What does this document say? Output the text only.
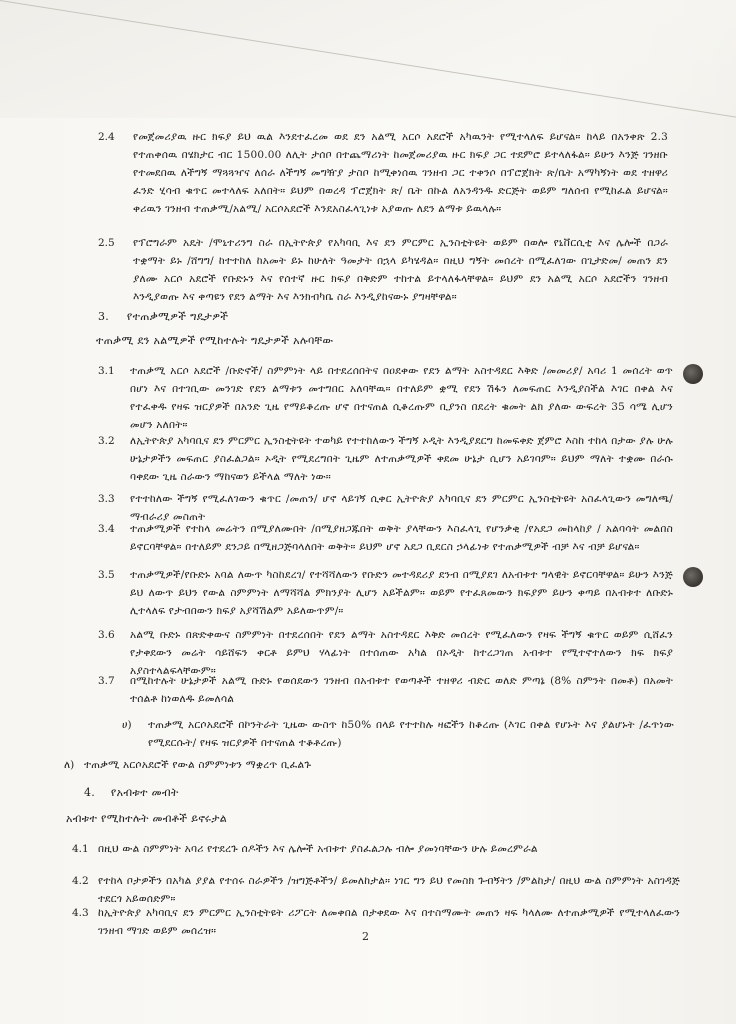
2.4 የመጀመሪያዉ ዙር ክፍያ ይህ ዉል እንደተፈረመ ወደ ደን አልሚ አርሶ አደሮች አካዉንት የሚተላለፍ ይሆናል። ከላይ በአንቀጽ 2.3 የተጠቀሰዉ በሄክታር ብር 1500.00 ለሊት ታሰቦ በተጨማሪነት ከመጀመሪያዉ ዙር ክፍያ ጋር ተደምሮ ይተላለፋል። ይሁን እንጅ ገንዘቡ የተመደበዉ ለችግኝ ማጓጓዣና ለሰራ ለችግኝ መግዥያ ታስቦ ከሚቀነሰዉ ገንዘብ ጋር ተቀንሶ በፕሮጀክት ጽ/ቤት አማካኝነት ወደ ተዘዋሪ ፈንድ ሂሳብ ቁጥር መተላለፍ አለበት። ይህም በወረዳ ፕሮጀክት ጽ/ ቤት በኩል ለአንዳንዱ ድርጅት ወይም ግለሰብ የሚከፈል ይሆናል። ቀሪዉን ገንዘብ ተጠቃሚ/አልሚ/ አርሶአደሮች እንደአስፈላጊነቱ አያወጡ ለደን ልማቱ ይዉላሉ።
2.5 የፕሮግራም አዴት /ሞኒተሪንግ ስራ በኢትዮጵያ የአካባቢ እና ደን ምርምር ኢንስቲትዩት ወይም በወሎ የኒቨርሲቲ እና ሌሎች በጋራ ተቋማት ይኑ /ሸግግ/ ከተተከለ ከአመት ይኑ ከሁለት ዓመታት በኋላ ይካሄዳል። በዚህ ግኝት መሰረት በሚፈለገው በጊታድመ/ መጠን ደን ያለሙ አርሶ አደሮች የቡድኑን እና የሰተኛ ዙር ክፍያ በቅድም ተከተል ይተላለፋላቸዋል። ይህም ደን አልሚ አርሶ አደሮችን ገንዘብ እንዲያወጡ እና ቀጣዩን የደን ልማት እና እንክብካቤ ስራ እንዲያከናውኑ ያግዛቸዋል።
3. የተጠቃሚዎች ግዴታዎች
ተጠቃሚ ደን አልሚዎች የሚከተሉት ግዴታዎች አሉባቸው
3.1 ተጠቃሚ አርሶ አደሮች /ቡድኖች/ ስምምነት ላይ በተደረሰበትና በዐደቀው የደን ልማት አስተዳደር እቅድ /መመሪያ/ አባሪ 1 መሰረት ወጥ በሆነ እና በተገቢው መንገድ የደን ልማቱን መተግበር አለባቸዉ። በተለይም ቋሚ የደን ሽፋን ለመፍጠር እንዲያስችል እገር በቀል እና የተፈቀዱ የዛፍ ዝርያዎች በአንድ ጊዜ የማይቆረጡ ሆኖ በተናጠል ሲቆረጡም ቢያንስ በደረት ቁመት ልክ ያለው ውፍረት 35 ሳሜ ሊሆን መሆን አለበት።
3.2 ለኢትዮጵያ አካባቢና ደን ምርምር ኢንስቲትዩት ተወካይ የተተከለውን ችግኝ ኦዲት እንዲያደርግ ከመፍቀድ ጀምሮ እስከ ተከላ በታው ያሉ ሁሉ ሁኔታዎችን መፍጠር ያስፈልጋል። ኦዲት የሚደረግበት ጊዜም ለተጠቃሚዎች ቀደመ ሁኔታ ሲሆን አይገባም። ይህም ማለት ተቋሙ በራሱ ባቀደው ጊዜ ስራውን ማከናወን ይችላል ማለት ነው።
3.3 የተተከለው ችግኝ የሚፈለገውን ቁጥር /መጠን/ ሆኖ ላይገኝ ሲቀር ኢትዮጵያ አካባቢና ደን ምርምር ኢንስቲትዩት አስፈላጊውን መግለጫ/ማብራሪያ መስጠት
3.4 ተጠቃሚዎች የተከላ መሬትን በሚያለሙበት /በሚያዘጋጁበት ወቅት ያላቸውን እስፈላጊ የሆንቃቂ /የአደጋ መከላከያ / አልባሳት መልበስ ይኖርባቸዋል። በተለይም ደንጋይ በሚዘጋጅባላለበት ወቅት። ይህም ሆኖ አደጋ ቢደርስ ኃላፊነቱ የተጠቃሚዎች ብቻ እና ብቻ ይሆናል።
3.5 ተጠቃሚዎች/የቡድኑ አባል ለውጥ ካስከደረገ/ የተሻሻለውን የቡድን መተዳደሪያ ደንብ በሚያደገ ለአብቱተ ግላዊት ይኖርባቸዋል። ይሁን እንጅ ይህ ለውጥ ይህን የውል ስምምነት ለማሻሻል ምክንያት ሊሆን አይችልም። ወይም የተፈጸመውን ክፍያም ይሁን ቀጣይ በአብቱተ ለቡድኑ ሊተላለፍ የታብበውን ክፍያ አያሻሽልም አይለውጥም/።
3.6 አልሚ ቡድኑ በጽድቀውና ስምምነት በተደረሰበት የደን ልማት አስተዳደር እቅድ መሰረት የሚፈለውን የዛፍ ችግኝ ቁጥር ወይም ሲሸፈን የታቀደውን መሬት ሳይሸፍን ቀርቶ ይምህ ሃላፊነት በተሰጠው አካል በኦዲት ከተረጋገጠ አብቱተ የሚተኖተለውን ክፍ ክፍያ አያስተላልፍላቸውም።
3.7 በሚከተሉት ሁኔታዎች አልሚ ቡድኑ የወሰደውን ገንዘብ በአብቱተ የወጣቶች ተዘዋሪ ብድር ወለድ ምጣኔ (8% ስምንት በመቶ) በአመት ተሰልቶ ከነወለዱ ይመለሳል
ሀ) ተጠቃሚ አርሶአደሮች በኮንትራት ጊዜው ውስጥ ከ50% በላይ የተተከሉ ዛፎችን ከቆረጡ (እገር በቀል የሆኑት እና ያልሆኑት /ፈጥነው የሚደርሱት/ የዛፍ ዝርያዎች በተናጠል ተቆቶረጡ)
ለ) ተጠቃሚ አርሶአደሮች የውል ስምምነቱን ማቋረጥ ቢፈልጉ
4. የአብቱተ መብት
አብቱተ የሚከተሉት መብቶች ይኖሩታል
4.1 በዚህ ውል ስምምነት አባሪ የተደረጉ ሰዶችን እና ሌሎች አብቱተ ያስፈልጋሉ ብሎ ያመነባቸውን ሁሉ ይመረምራል
4.2 የተከላ ቦታዎችን በአካል ያያል የተሰሩ ስራዎችን /ዝግጅቶችን/ ይመለከታል። ነገር ግን ይህ የመስክ ጉብኝትን /ምልከታ/ በዚህ ውል ስምምነት አስገዳጅ ተደርጎ አይወሰድም።
4.3 ከኢትዮጵያ አካባቢና ደን ምርምር ኢንስቲትዩት ሪፖርት ለመቀበል በታቀደው እና በተስማሙት መጠን ዛፍ ካላለሙ ለተጠቃሚዎች የሚተላለፈውን ገንዘብ ማገድ ወይም መሰረዝ።	2
